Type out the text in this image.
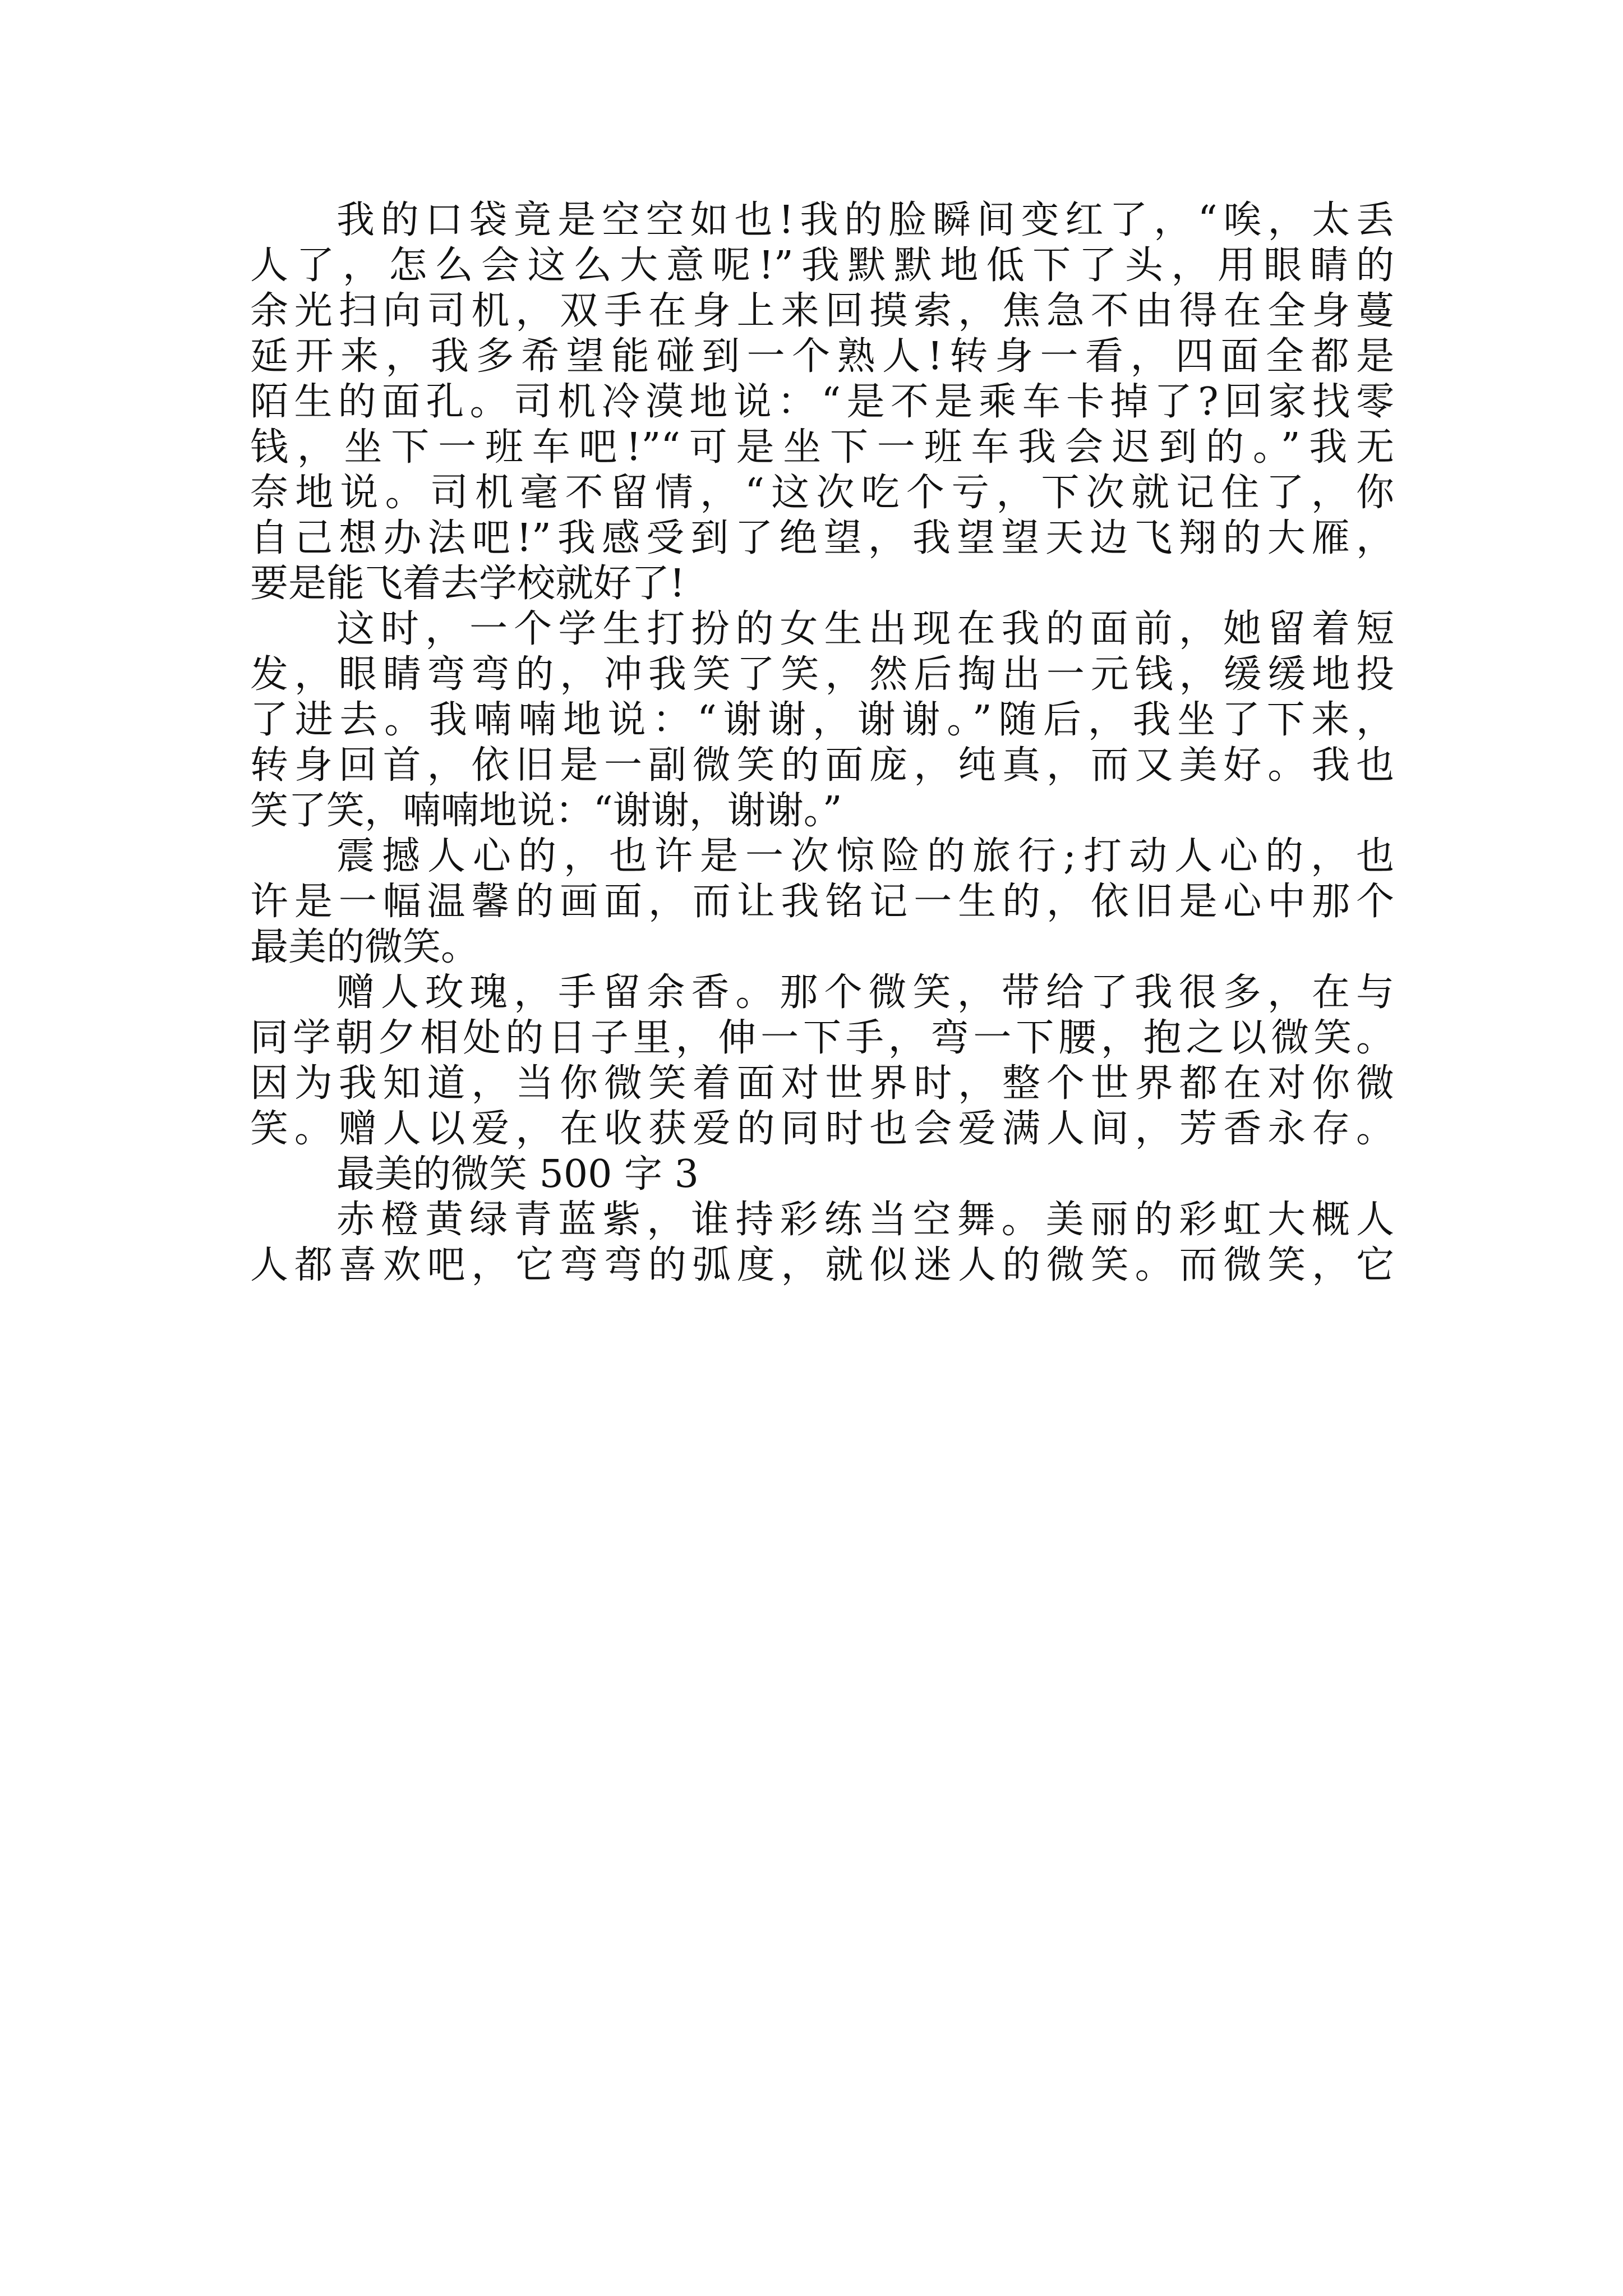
我的口袋竟是空空如也!我的脸瞬间变红了，“唉，太丢
人了，怎么会这么大意呢!”我默默地低下了头，用眼睛的
余光扫向司机，双手在身上来回摸索，焦急不由得在全身蔓
延开来，我多希望能碰到一个熟人!转身一看，四面全都是
陌生的面孔。司机冷漠地说：“是不是乘车卡掉了?回家找零
钱，坐下一班车吧!”“可是坐下一班车我会迟到的。”我无
奈地说。司机毫不留情，“这次吃个亏，下次就记住了，你
自己想办法吧!”我感受到了绝望，我望望天边飞翔的大雁，
要是能飞着去学校就好了!
这时，一个学生打扮的女生出现在我的面前，她留着短
发，眼睛弯弯的，冲我笑了笑，然后掏出一元钱，缓缓地投
了进去。我喃喃地说：“谢谢，谢谢。”随后，我坐了下来，
转身回首，依旧是一副微笑的面庞，纯真，而又美好。我也
笑了笑，喃喃地说：“谢谢，谢谢。”
震撼人心的，也许是一次惊险的旅行;打动人心的，也
许是一幅温馨的画面，而让我铭记一生的，依旧是心中那个
最美的微笑。
赠人玫瑰，手留余香。那个微笑，带给了我很多，在与
同学朝夕相处的日子里，伸一下手，弯一下腰，抱之以微笑。
因为我知道，当你微笑着面对世界时，整个世界都在对你微
笑。赠人以爱，在收获爱的同时也会爱满人间，芳香永存。
最美的微笑 500 字 3
赤橙黄绿青蓝紫，谁持彩练当空舞。美丽的彩虹大概人
人都喜欢吧，它弯弯的弧度，就似迷人的微笑。而微笑，它
